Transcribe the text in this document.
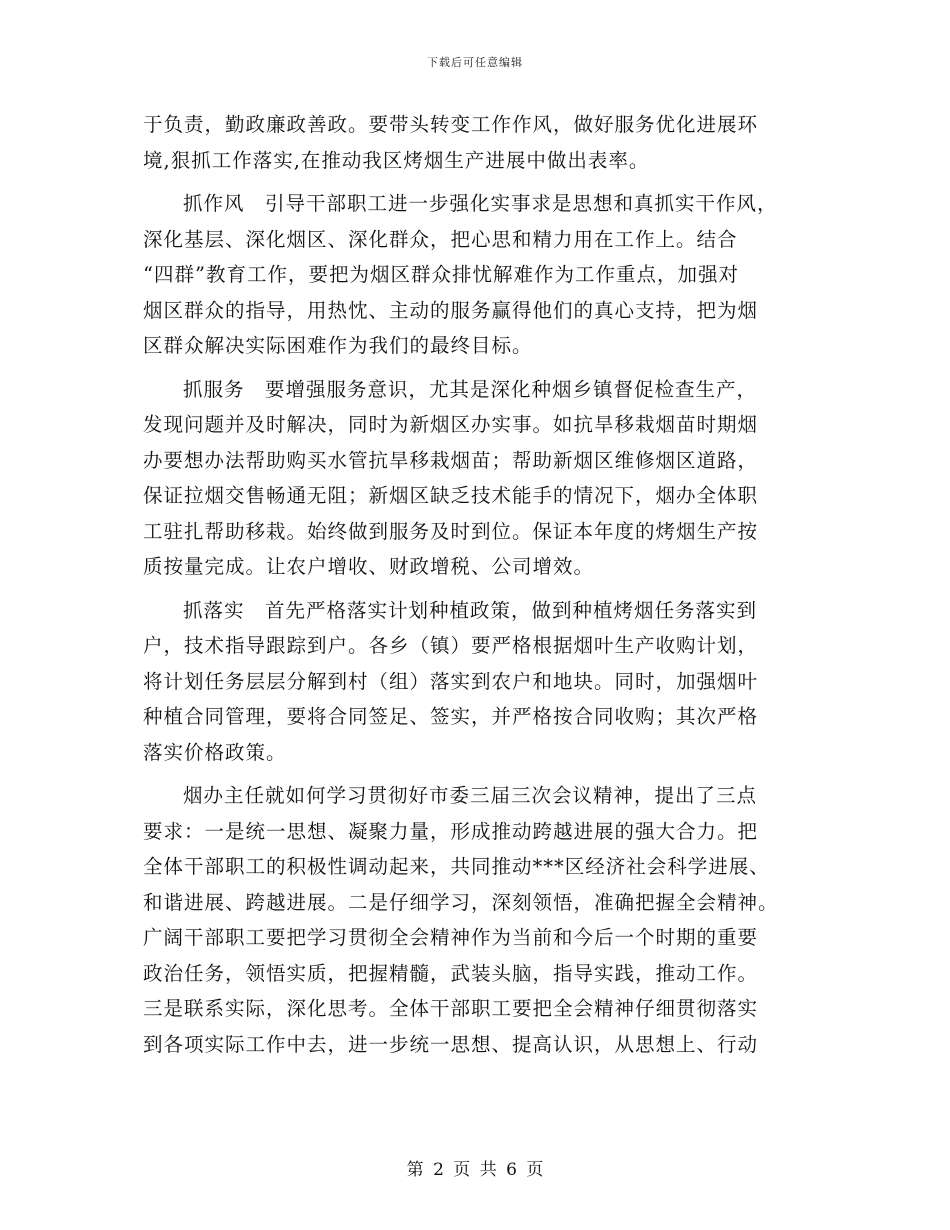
下载后可任意编辑
于负责，勤政廉政善政。要带头转变工作作风，做好服务优化进展环
境,狠抓工作落实,在推动我区烤烟生产进展中做出表率。
抓作风　引导干部职工进一步强化实事求是思想和真抓实干作风，
深化基层、深化烟区、深化群众，把心思和精力用在工作上。结合
“四群”教育工作，要把为烟区群众排忧解难作为工作重点，加强对
烟区群众的指导，用热忱、主动的服务赢得他们的真心支持，把为烟
区群众解决实际困难作为我们的最终目标。
抓服务　要增强服务意识，尤其是深化种烟乡镇督促检查生产，
发现问题并及时解决，同时为新烟区办实事。如抗旱移栽烟苗时期烟
办要想办法帮助购买水管抗旱移栽烟苗；帮助新烟区维修烟区道路，
保证拉烟交售畅通无阻；新烟区缺乏技术能手的情况下，烟办全体职
工驻扎帮助移栽。始终做到服务及时到位。保证本年度的烤烟生产按
质按量完成。让农户增收、财政增税、公司增效。
抓落实　首先严格落实计划种植政策，做到种植烤烟任务落实到
户，技术指导跟踪到户。各乡（镇）要严格根据烟叶生产收购计划，
将计划任务层层分解到村（组）落实到农户和地块。同时，加强烟叶
种植合同管理，要将合同签足、签实，并严格按合同收购；其次严格
落实价格政策。
烟办主任就如何学习贯彻好市委三届三次会议精神，提出了三点
要求：一是统一思想、凝聚力量，形成推动跨越进展的强大合力。把
全体干部职工的积极性调动起来，共同推动***区经济社会科学进展、
和谐进展、跨越进展。二是仔细学习，深刻领悟，准确把握全会精神。
广阔干部职工要把学习贯彻全会精神作为当前和今后一个时期的重要
政治任务，领悟实质，把握精髓，武装头脑，指导实践，推动工作。
三是联系实际，深化思考。全体干部职工要把全会精神仔细贯彻落实
到各项实际工作中去，进一步统一思想、提高认识，从思想上、行动
第 2 页 共 6 页
